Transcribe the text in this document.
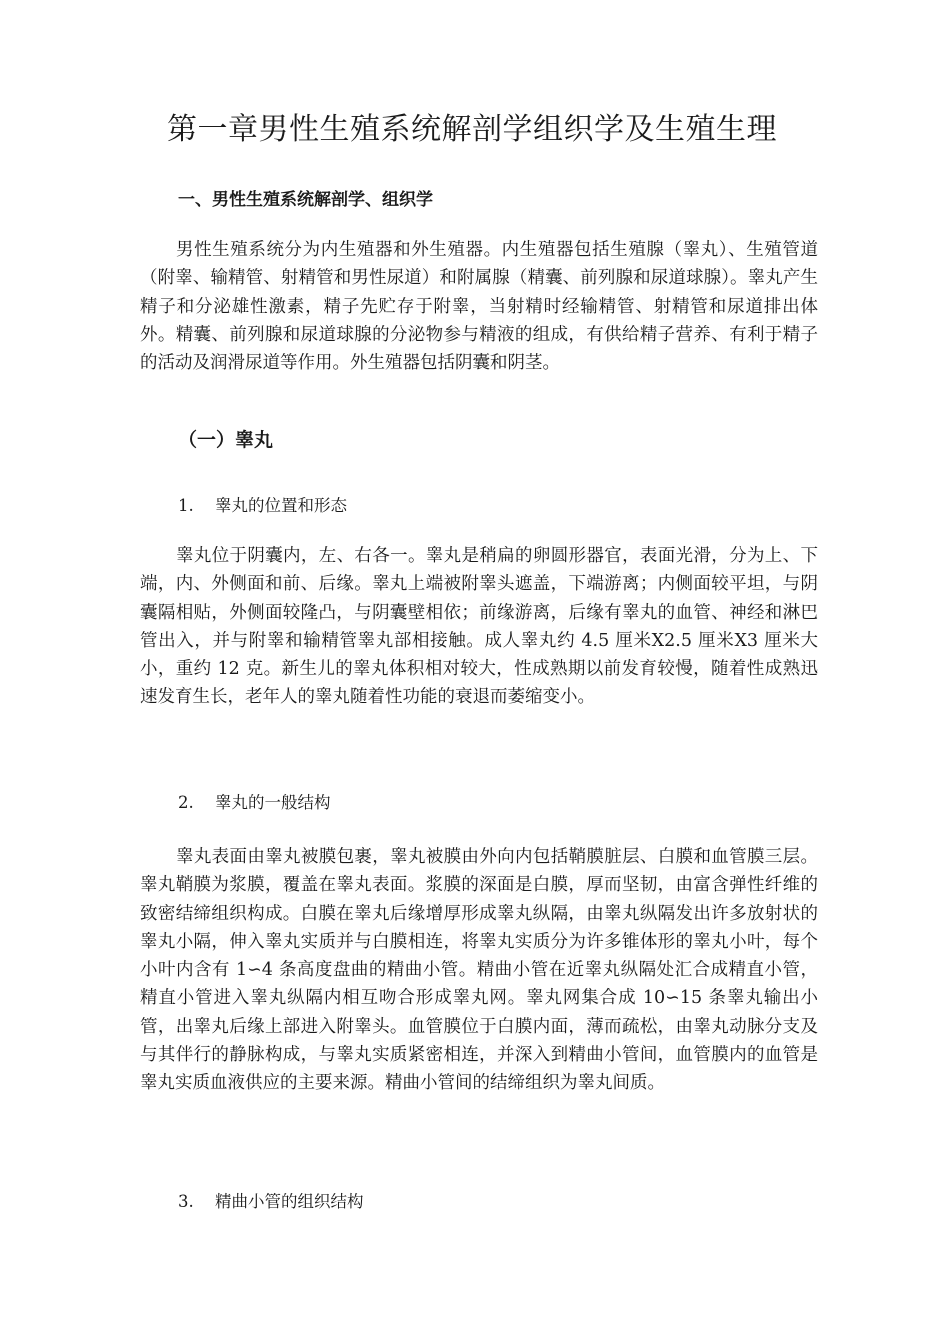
第一章男性生殖系统解剖学组织学及生殖生理
一、男性生殖系统解剖学、组织学

男性生殖系统分为内生殖器和外生殖器。内生殖器包括生殖腺（睾丸）、生殖管道（附睾、输精管、射精管和男性尿道）和附属腺（精囊、前列腺和尿道球腺）。睾丸产生精子和分泌雄性激素，精子先贮存于附睾，当射精时经输精管、射精管和尿道排出体外。精囊、前列腺和尿道球腺的分泌物参与精液的组成，有供给精子营养、有利于精子的活动及润滑尿道等作用。外生殖器包括阴囊和阴茎。

（一）睾丸
1. 睾丸的位置和形态

睾丸位于阴囊内，左、右各一。睾丸是稍扁的卵圆形器官，表面光滑，分为上、下端，内、外侧面和前、后缘。睾丸上端被附睾头遮盖，下端游离；内侧面较平坦，与阴囊隔相贴，外侧面较隆凸，与阴囊壁相依；前缘游离，后缘有睾丸的血管、神经和淋巴管出入，并与附睾和输精管睾丸部相接触。成人睾丸约 4.5 厘米X2.5 厘米X3 厘米大小，重约 12 克。新生儿的睾丸体积相对较大，性成熟期以前发育较慢，随着性成熟迅速发育生长，老年人的睾丸随着性功能的衰退而萎缩变小。

2. 睾丸的一般结构

睾丸表面由睾丸被膜包裹，睾丸被膜由外向内包括鞘膜脏层、白膜和血管膜三层。睾丸鞘膜为浆膜，覆盖在睾丸表面。浆膜的深面是白膜，厚而坚韧，由富含弹性纤维的致密结缔组织构成。白膜在睾丸后缘增厚形成睾丸纵隔，由睾丸纵隔发出许多放射状的睾丸小隔，伸入睾丸实质并与白膜相连，将睾丸实质分为许多锥体形的睾丸小叶，每个小叶内含有 1∽4 条高度盘曲的精曲小管。精曲小管在近睾丸纵隔处汇合成精直小管，精直小管进入睾丸纵隔内相互吻合形成睾丸网。睾丸网集合成 10∽15 条睾丸输出小管，出睾丸后缘上部进入附睾头。血管膜位于白膜内面，薄而疏松，由睾丸动脉分支及与其伴行的静脉构成，与睾丸实质紧密相连，并深入到精曲小管间，血管膜内的血管是睾丸实质血液供应的主要来源。精曲小管间的结缔组织为睾丸间质。

3. 精曲小管的组织结构
